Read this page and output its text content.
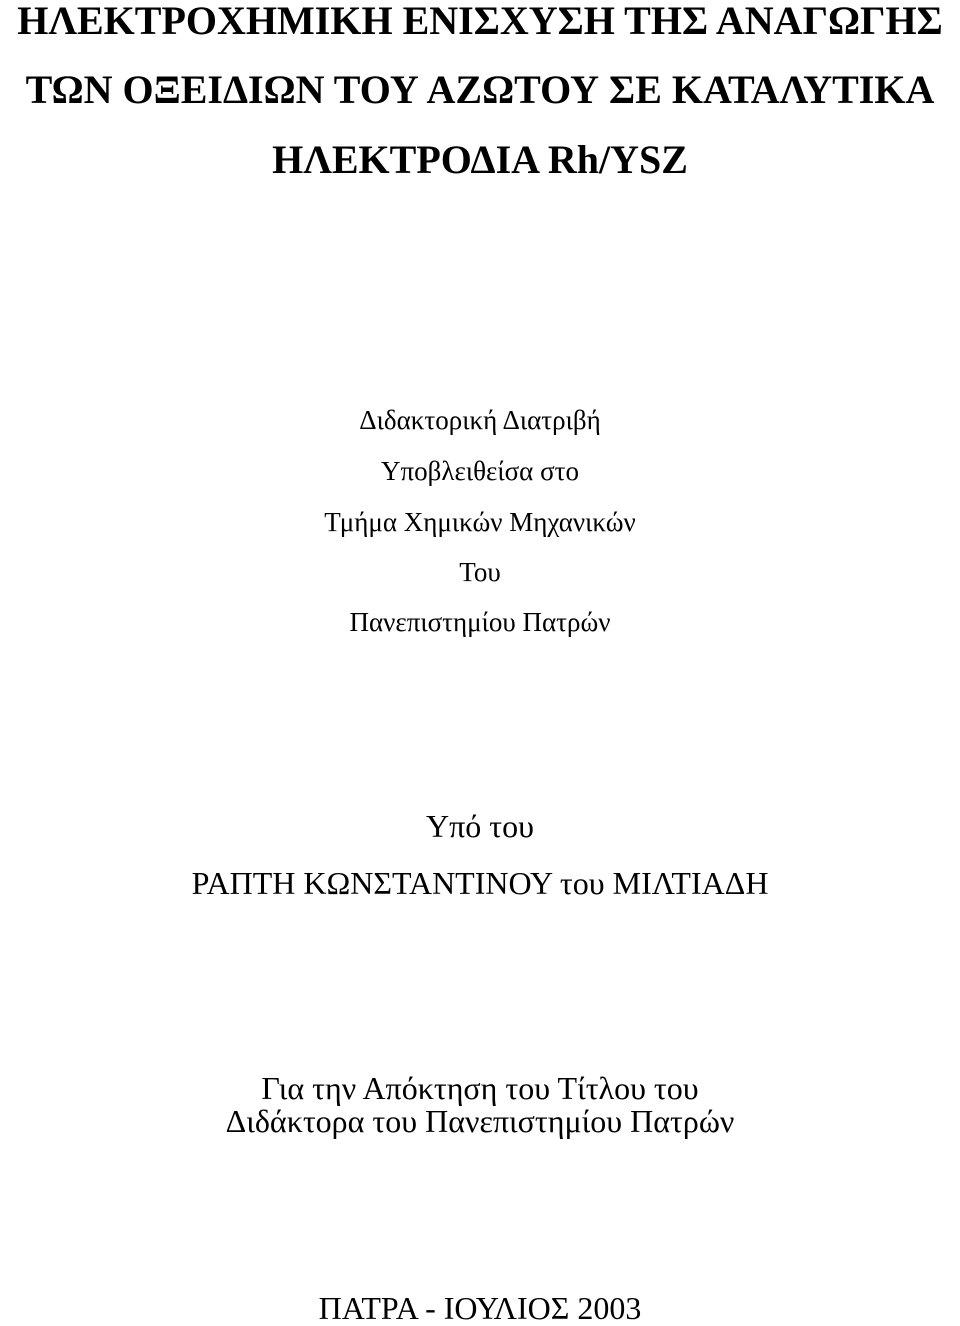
ΗΛΕΚΤΡΟΧΗΜΙΚΗ ΕΝΙΣΧΥΣΗ ΤΗΣ ΑΝΑΓΩΓΗΣ
ΤΩΝ ΟΞΕΙΔΙΩΝ ΤΟΥ ΑΖΩΤΟΥ ΣΕ ΚΑΤΑΛΥΤΙΚΑ
ΗΛΕΚΤΡΟΔΙΑ Rh/YSZ
Διδακτορική Διατριβή
Υποβλειθείσα στο
Τμήμα Χημικών Μηχανικών
Του
Πανεπιστημίου Πατρών
Υπό του
ΡΑΠΤΗ ΚΩΝΣΤΑΝΤΙΝΟΥ του ΜΙΛΤΙΑΔΗ
Για την Απόκτηση του Τίτλου του
Διδάκτορα του Πανεπιστημίου Πατρών
ΠΑΤΡΑ - ΙΟΥΛΙΟΣ 2003
